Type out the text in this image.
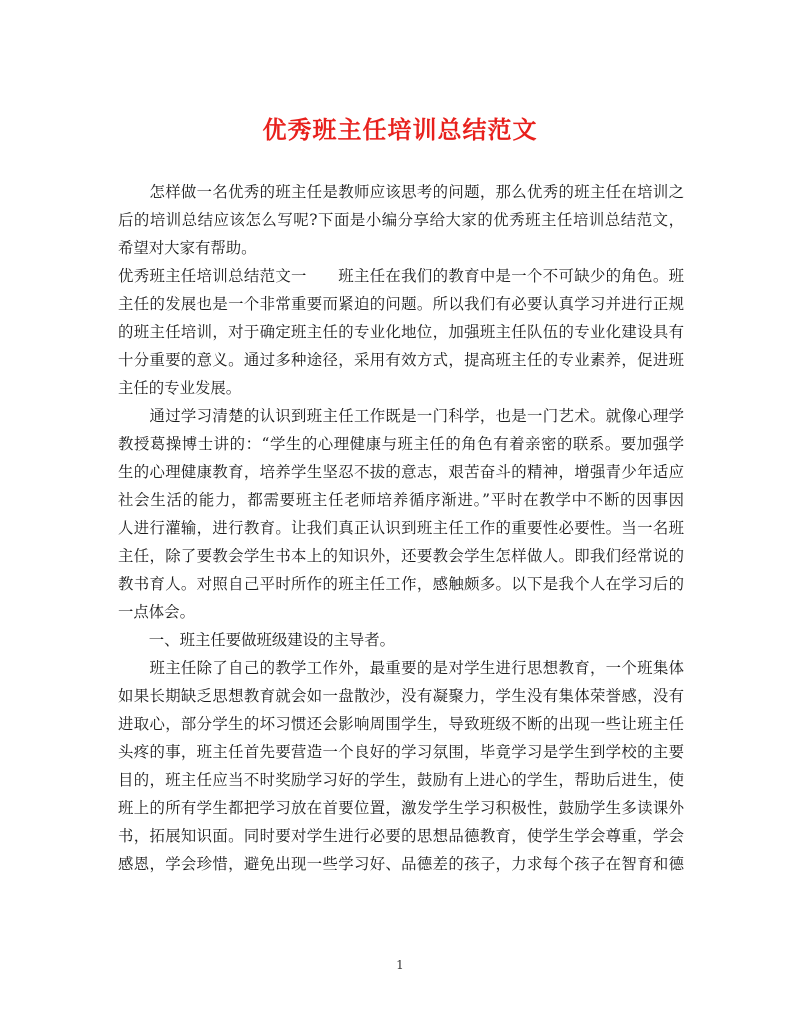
优秀班主任培训总结范文
　　怎样做一名优秀的班主任是教师应该思考的问题，那么优秀的班主任在培训之
后的培训总结应该怎么写呢?下面是小编分享给大家的优秀班主任培训总结范文，
希望对大家有帮助。
优秀班主任培训总结范文一　　班主任在我们的教育中是一个不可缺少的角色。班
主任的发展也是一个非常重要而紧迫的问题。所以我们有必要认真学习并进行正规
的班主任培训，对于确定班主任的专业化地位，加强班主任队伍的专业化建设具有
十分重要的意义。通过多种途径，采用有效方式，提高班主任的专业素养，促进班
主任的专业发展。
　　通过学习清楚的认识到班主任工作既是一门科学，也是一门艺术。就像心理学
教授葛操博士讲的：“学生的心理健康与班主任的角色有着亲密的联系。要加强学
生的心理健康教育，培养学生坚忍不拔的意志，艰苦奋斗的精神，增强青少年适应
社会生活的能力，都需要班主任老师培养循序渐进。”平时在教学中不断的因事因
人进行灌输，进行教育。让我们真正认识到班主任工作的重要性必要性。当一名班
主任，除了要教会学生书本上的知识外，还要教会学生怎样做人。即我们经常说的
教书育人。对照自己平时所作的班主任工作，感触颇多。以下是我个人在学习后的
一点体会。
　　一、班主任要做班级建设的主导者。
　　班主任除了自己的教学工作外，最重要的是对学生进行思想教育，一个班集体
如果长期缺乏思想教育就会如一盘散沙，没有凝聚力，学生没有集体荣誉感，没有
进取心，部分学生的坏习惯还会影响周围学生，导致班级不断的出现一些让班主任
头疼的事，班主任首先要营造一个良好的学习氛围，毕竟学习是学生到学校的主要
目的，班主任应当不时奖励学习好的学生，鼓励有上进心的学生，帮助后进生，使
班上的所有学生都把学习放在首要位置，激发学生学习积极性，鼓励学生多读课外
书，拓展知识面。同时要对学生进行必要的思想品德教育，使学生学会尊重，学会
感恩，学会珍惜，避免出现一些学习好、品德差的孩子，力求每个孩子在智育和德
1
